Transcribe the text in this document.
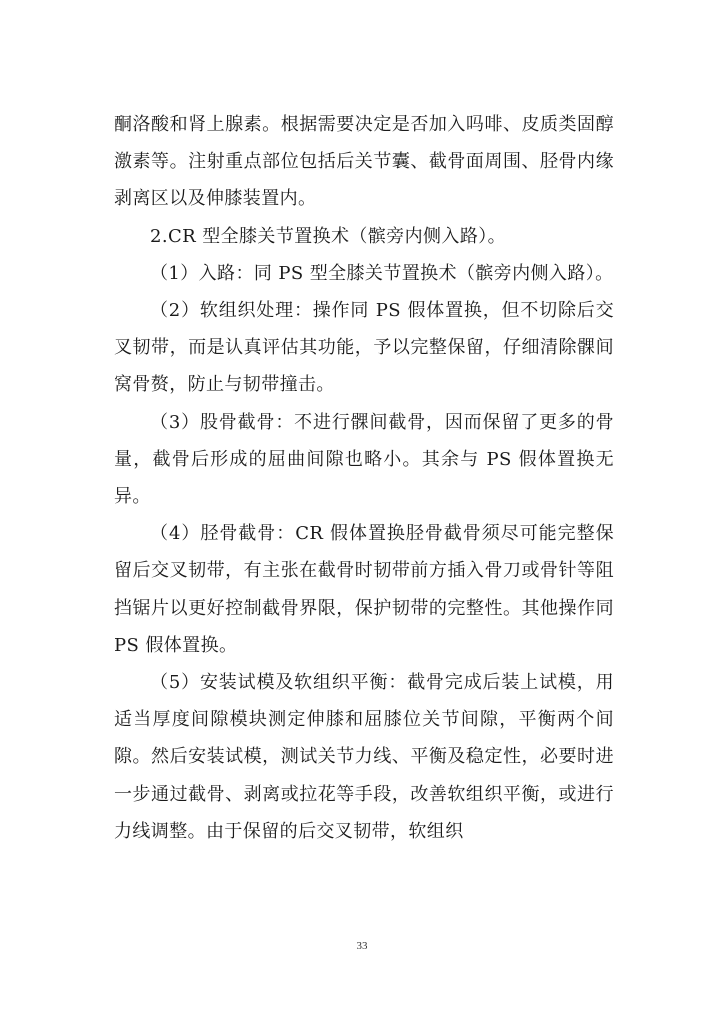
酮洛酸和肾上腺素。根据需要决定是否加入吗啡、皮质类固醇激素等。注射重点部位包括后关节囊、截骨面周围、胫骨内缘剥离区以及伸膝装置内。

2.CR 型全膝关节置换术（髌旁内侧入路）。

（1）入路：同 PS 型全膝关节置换术（髌旁内侧入路）。

（2）软组织处理：操作同 PS 假体置换，但不切除后交叉韧带，而是认真评估其功能，予以完整保留，仔细清除髁间窝骨赘，防止与韧带撞击。

（3）股骨截骨：不进行髁间截骨，因而保留了更多的骨量，截骨后形成的屈曲间隙也略小。其余与 PS 假体置换无异。

（4）胫骨截骨：CR 假体置换胫骨截骨须尽可能完整保留后交叉韧带，有主张在截骨时韧带前方插入骨刀或骨针等阻挡锯片以更好控制截骨界限，保护韧带的完整性。其他操作同 PS 假体置换。

（5）安装试模及软组织平衡：截骨完成后装上试模，用适当厚度间隙模块测定伸膝和屈膝位关节间隙，平衡两个间隙。然后安装试模，测试关节力线、平衡及稳定性，必要时进一步通过截骨、剥离或拉花等手段，改善软组织平衡，或进行力线调整。由于保留的后交叉韧带，软组织

33
